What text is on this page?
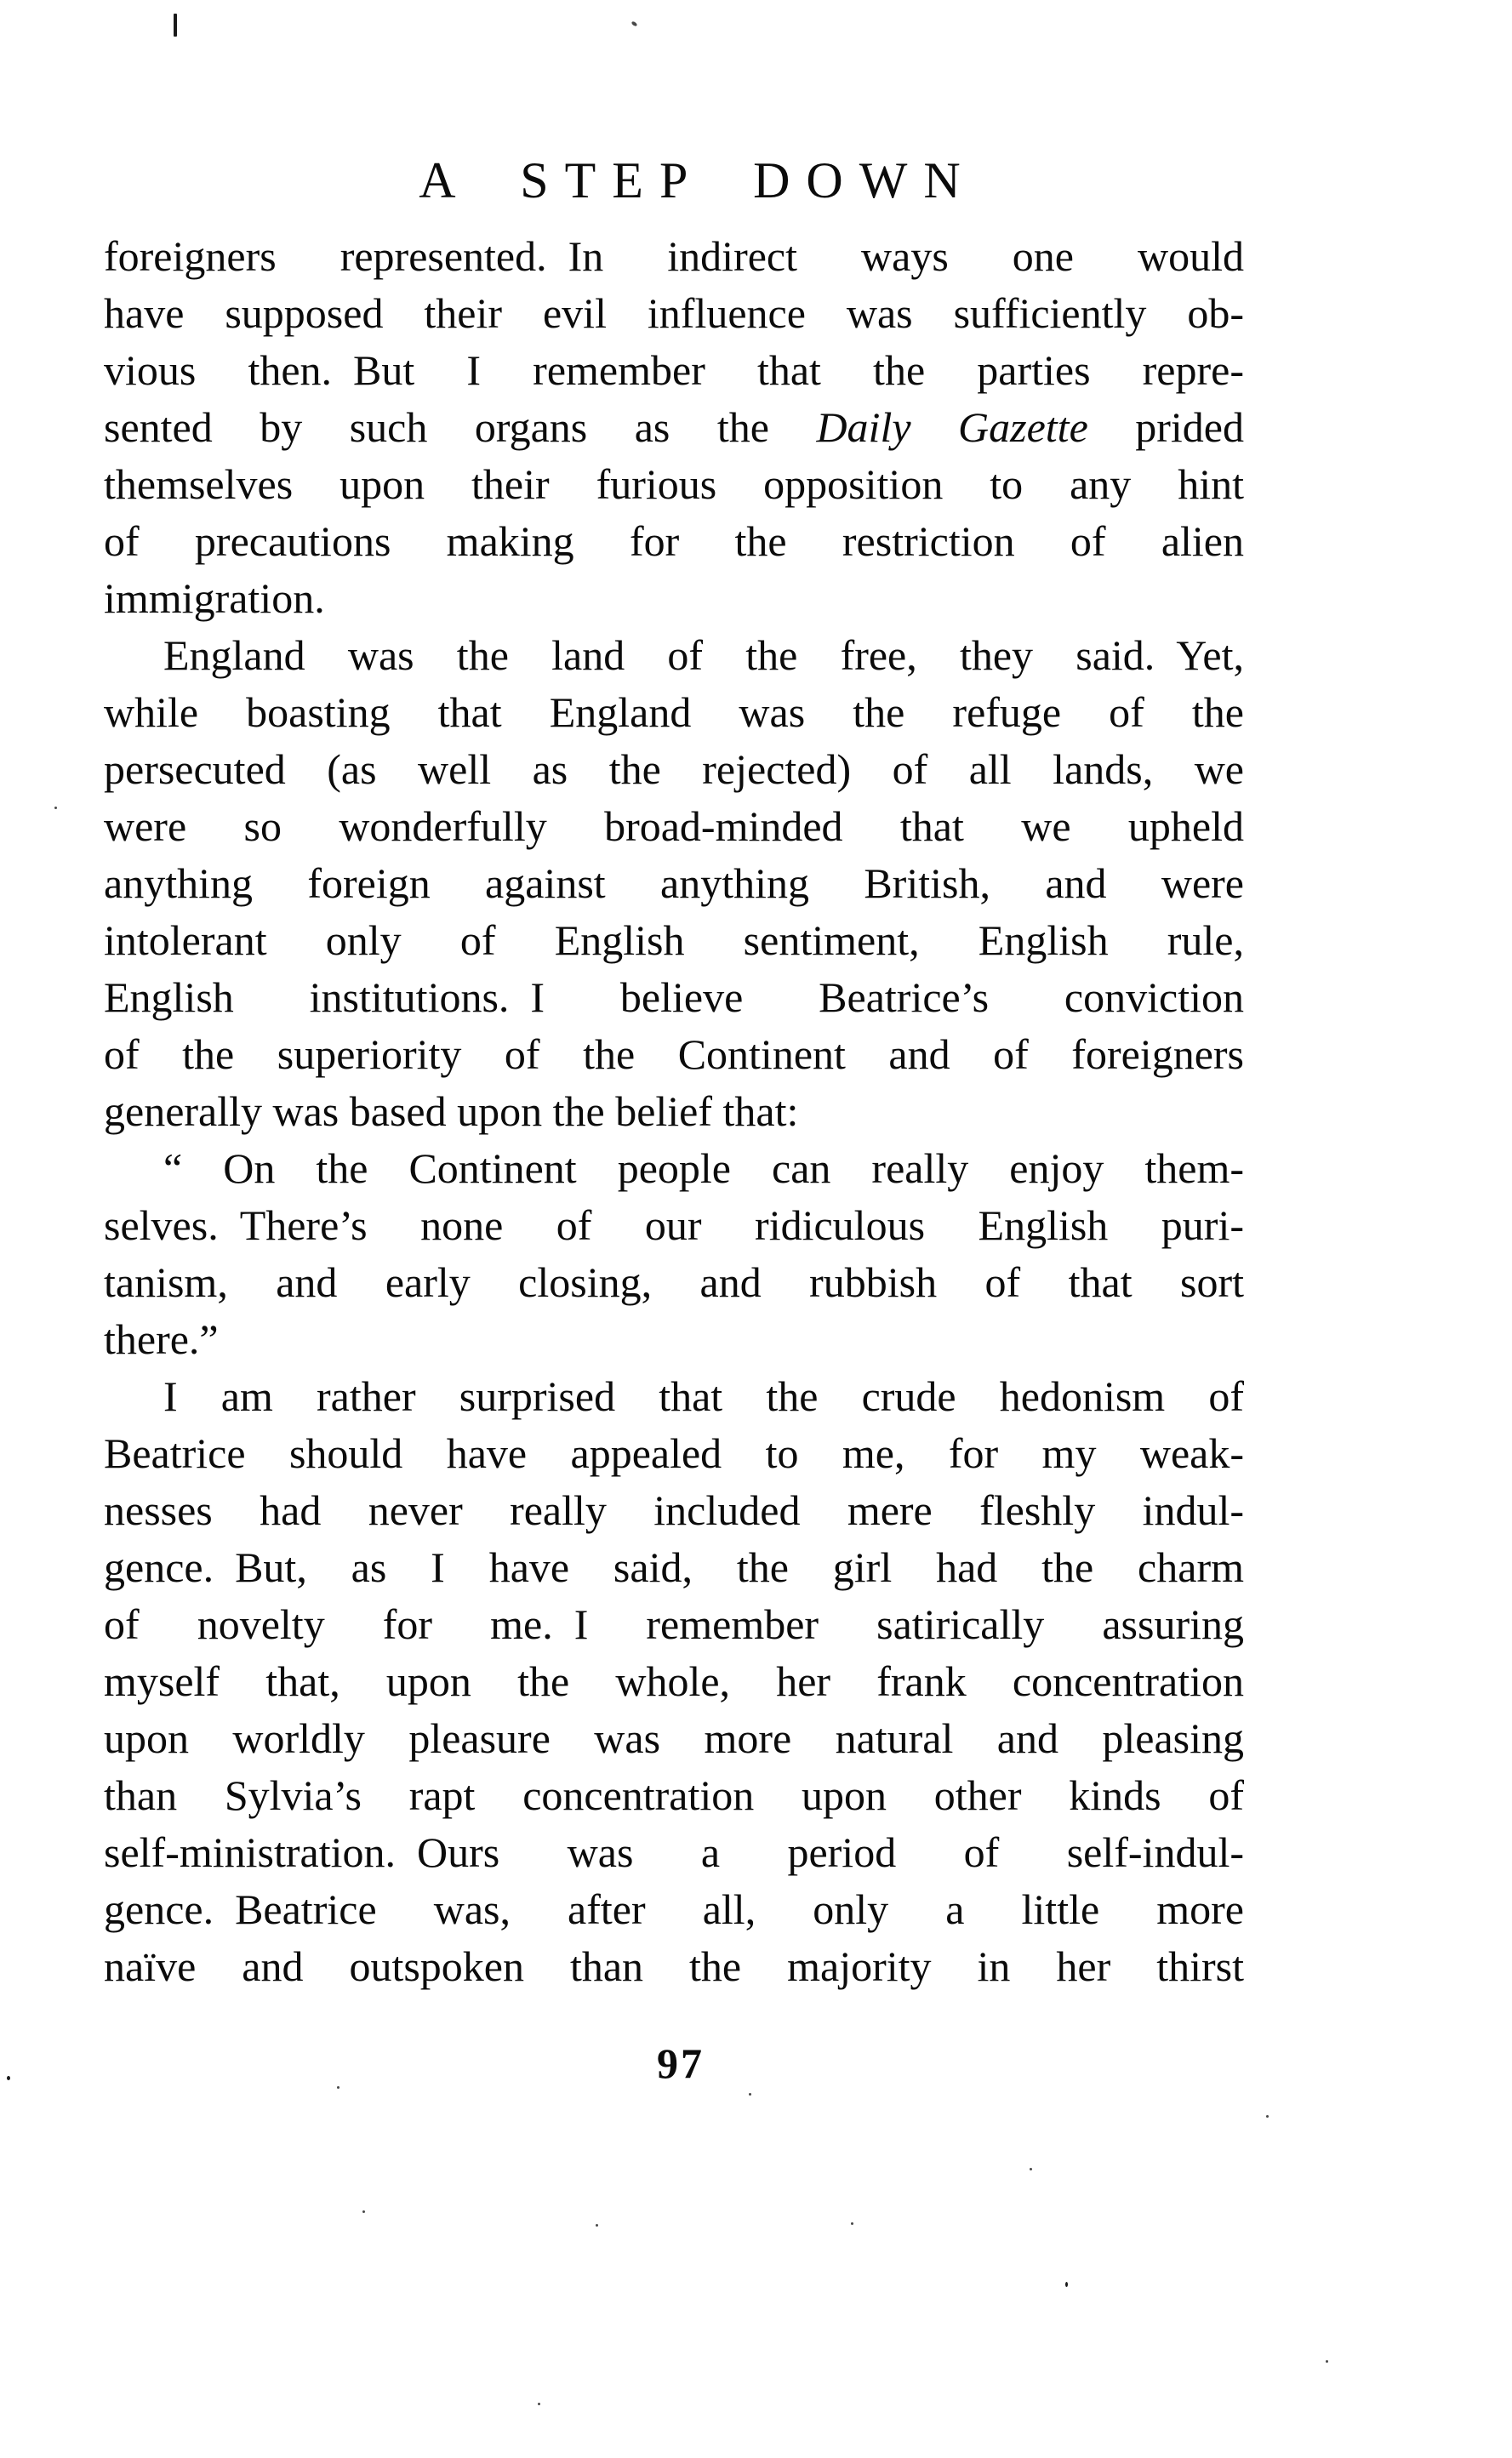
A STEP DOWN
foreigners represented. In indirect ways one would
have supposed their evil influence was sufficiently ob-
vious then. But I remember that the parties repre-
sented by such organs as the Daily Gazette prided
themselves upon their furious opposition to any hint
of precautions making for the restriction of alien
immigration.
England was the land of the free, they said. Yet,
while boasting that England was the refuge of the
persecuted (as well as the rejected) of all lands, we
were so wonderfully broad-minded that we upheld
anything foreign against anything British, and were
intolerant only of English sentiment, English rule,
English institutions. I believe Beatrice’s conviction
of the superiority of the Continent and of foreigners
generally was based upon the belief that:
“ On the Continent people can really enjoy them-
selves. There’s none of our ridiculous English puri-
tanism, and early closing, and rubbish of that sort
there.”
I am rather surprised that the crude hedonism of
Beatrice should have appealed to me, for my weak-
nesses had never really included mere fleshly indul-
gence. But, as I have said, the girl had the charm
of novelty for me. I remember satirically assuring
myself that, upon the whole, her frank concentration
upon worldly pleasure was more natural and pleasing
than Sylvia’s rapt concentration upon other kinds of
self-ministration. Ours was a period of self-indul-
gence. Beatrice was, after all, only a little more
naïve and outspoken than the majority in her thirst
97
